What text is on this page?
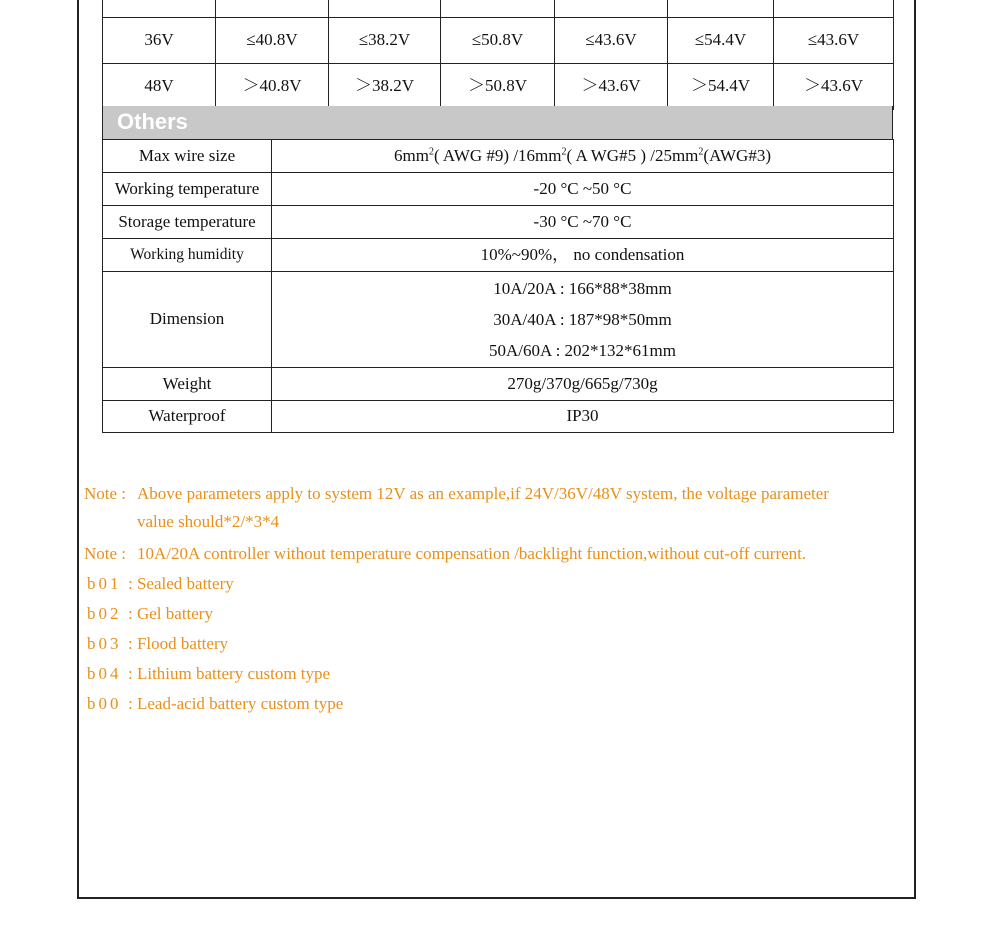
36V	≤40.8V	≤38.2V	≤50.8V	≤43.6V	≤54.4V	≤43.6V
48V	＞40.8V	＞38.2V	＞50.8V	＞43.6V	＞54.4V	＞43.6V
Others
Max wire size	$6mm^2$( AWG #9) $/16mm^2$( A WG#5 ) $/25mm^2(AWG\#3)$
Working temperature	-20 °C ~50 °C
Storage temperature	-30 °C ~70 °C
Working humidity	10%~90%， no condensation
Dimension	10A/20A : 166*88*38mm
30A/40A : 187*98*50mm
50A/60A : 202*132*61mm

Weight	270g/370g/665g/730g
Waterproof	IP30
Note : Above parameters apply to system 12V as an example,if 24V/36V/48V system, the voltage parameter
value should*2/*3*4
Note : 10A/20A controller without temperature compensation /backlight function,without cut-off current.
b01 : Sealed battery
b02 : Gel battery
b03 : Flood battery
b04 : Lithium battery custom type
b00 : Lead-acid battery custom type
